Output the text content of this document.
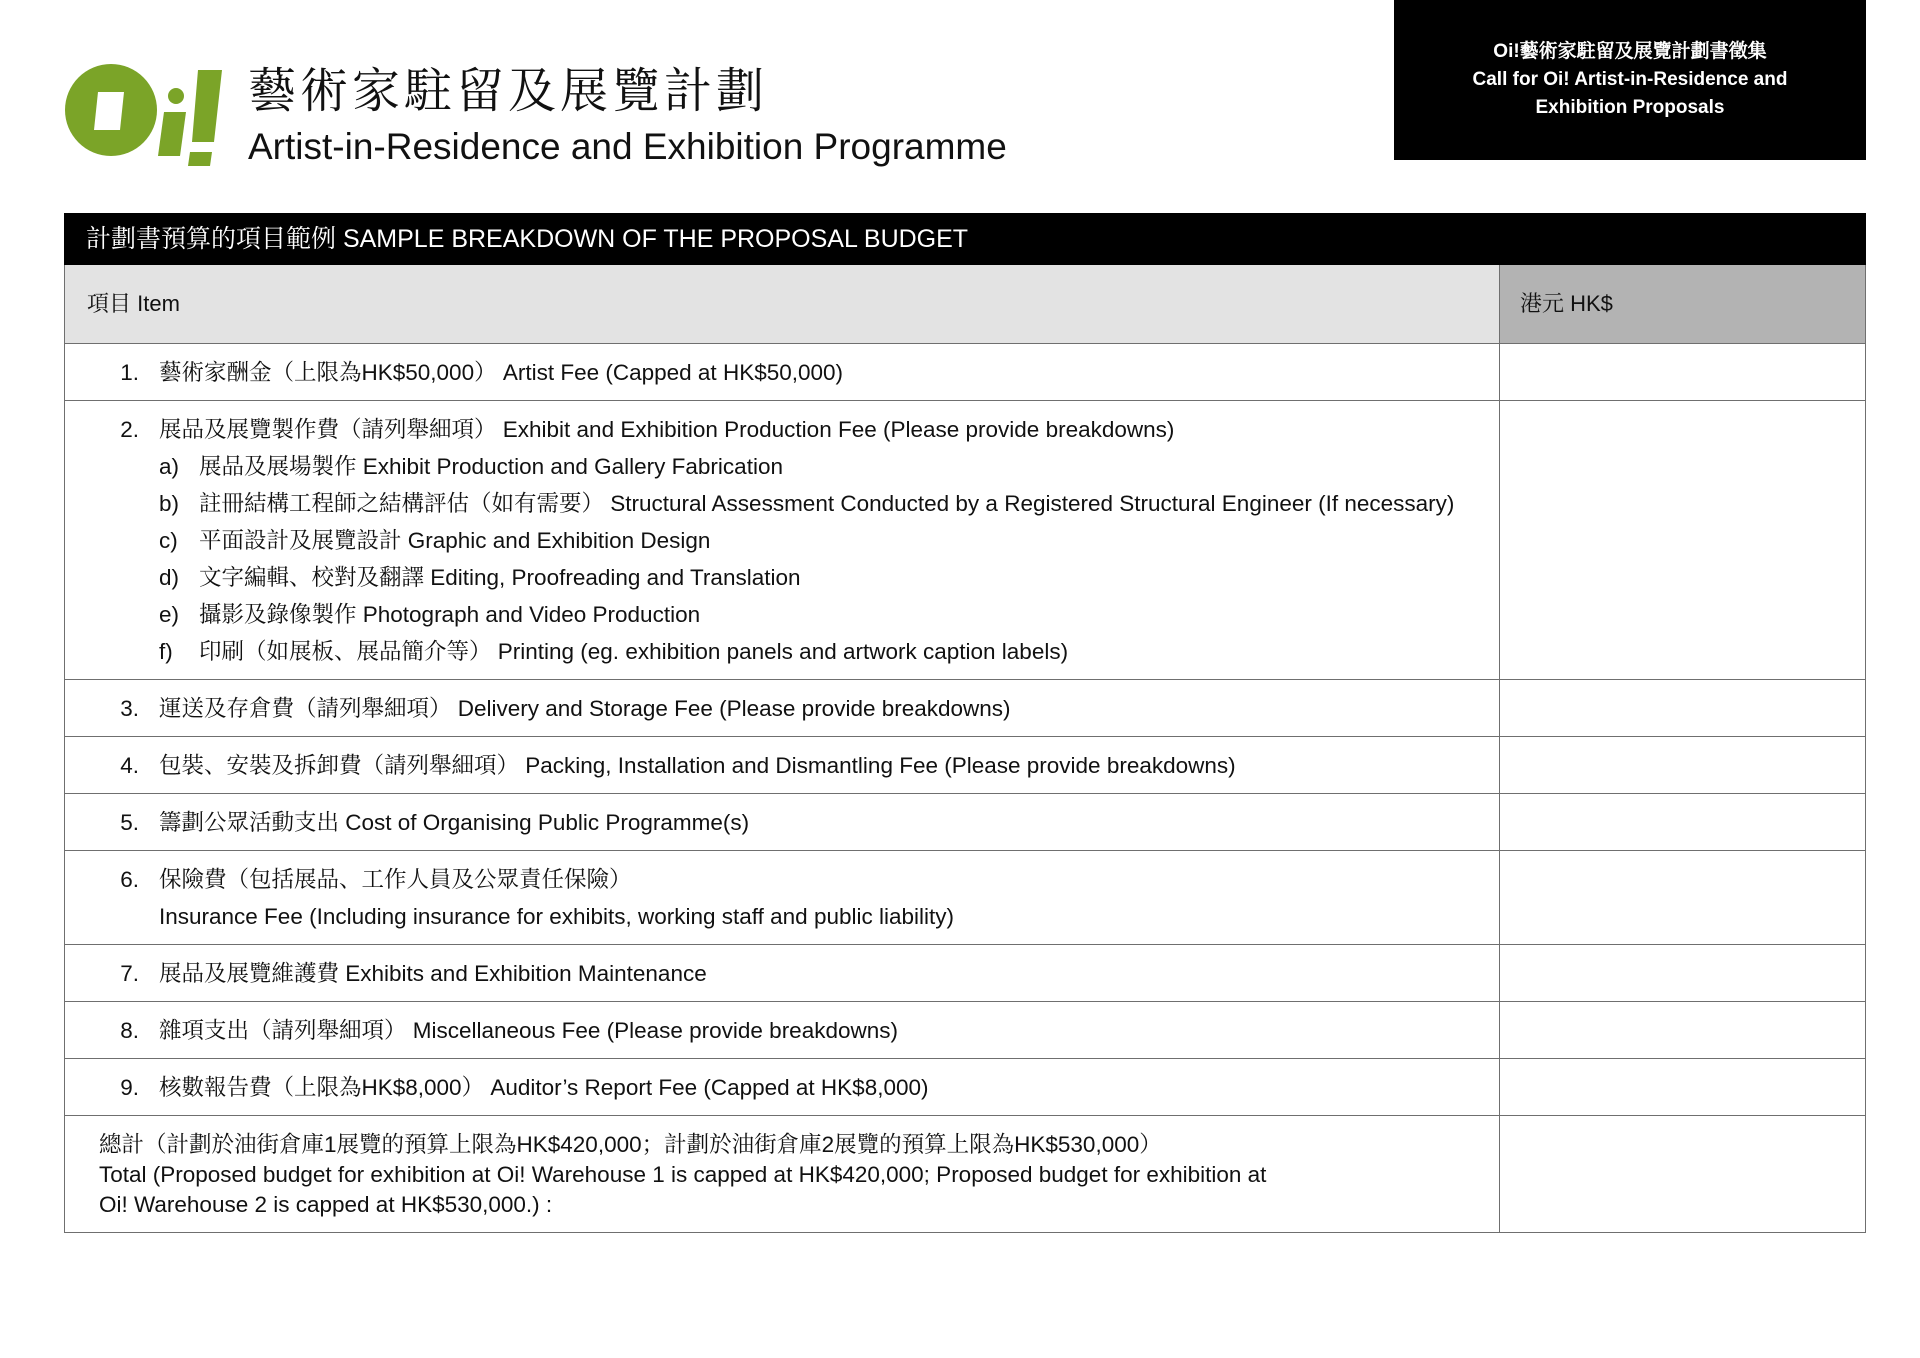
藝術家駐留及展覽計劃
Artist-in-Residence and Exhibition Programme
Oi!藝術家駐留及展覽計劃書徵集
Call for Oi! Artist-in-Residence and
Exhibition Proposals
計劃書預算的項目範例 SAMPLE BREAKDOWN OF THE PROPOSAL BUDGET
項目 Item	港元 HK$
1. 藝術家酬金（上限為HK$50,000） Artist Fee (Capped at HK$50,000)
2. 展品及展覽製作費（請列舉細項） Exhibit and Exhibition Production Fee (Please provide breakdowns)
a) 展品及展場製作 Exhibit Production and Gallery Fabrication
b) 註冊結構工程師之結構評估（如有需要） Structural Assessment Conducted by a Registered Structural Engineer (If necessary)
c) 平面設計及展覽設計 Graphic and Exhibition Design
d) 文字編輯、校對及翻譯 Editing, Proofreading and Translation
e) 攝影及錄像製作 Photograph and Video Production
f)	印刷（如展板、展品簡介等） Printing (eg. exhibition panels and artwork caption labels)
3. 運送及存倉費（請列舉細項） Delivery and Storage Fee (Please provide breakdowns)
4. 包裝、安裝及拆卸費（請列舉細項） Packing, Installation and Dismantling Fee (Please provide breakdowns)
5. 籌劃公眾活動支出 Cost of Organising Public Programme(s)
6. 保險費（包括展品、工作人員及公眾責任保險）
Insurance Fee (Including insurance for exhibits, working staff and public liability)
7. 展品及展覽維護費 Exhibits and Exhibition Maintenance
8. 雜項支出（請列舉細項） Miscellaneous Fee (Please provide breakdowns)
9. 核數報告費（上限為HK$8,000） Auditor’s Report Fee (Capped at HK$8,000)
總計（計劃於油街倉庫1展覽的預算上限為HK$420,000；計劃於油街倉庫2展覽的預算上限為HK$530,000）
Total (Proposed budget for exhibition at Oi! Warehouse 1 is capped at HK$420,000; Proposed budget for exhibition at
Oi! Warehouse 2 is capped at HK$530,000.) :
